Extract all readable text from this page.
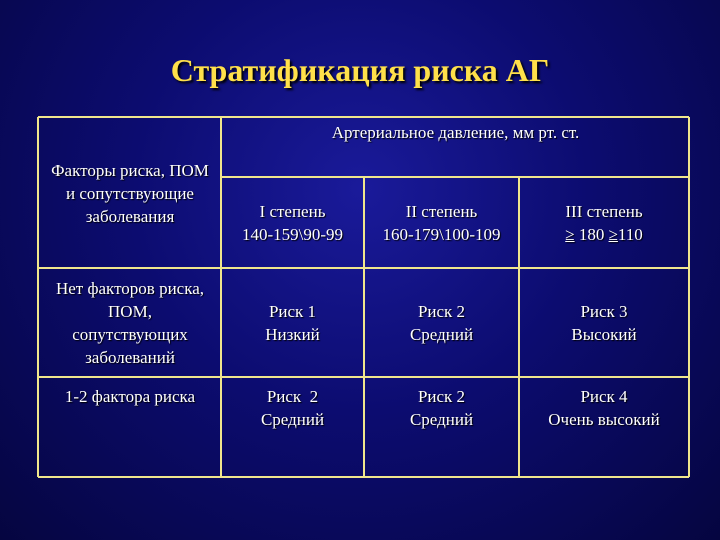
Стратификация риска АГ
Факторы риска, ПОМ и сопутствующие заболевания
Артериальное давление, мм рт. ст.
I степень
140-159\90-99
II степень
160-179\100-109
III степень
≥ 180 ≥110
Нет факторов риска, ПОМ, сопутствующих заболеваний
Риск 1
Низкий
Риск 2
Средний
Риск 3
Высокий
1-2 фактора риска	Риск  2
Средний
Риск 2
Средний
Риск 4
Очень высокий
